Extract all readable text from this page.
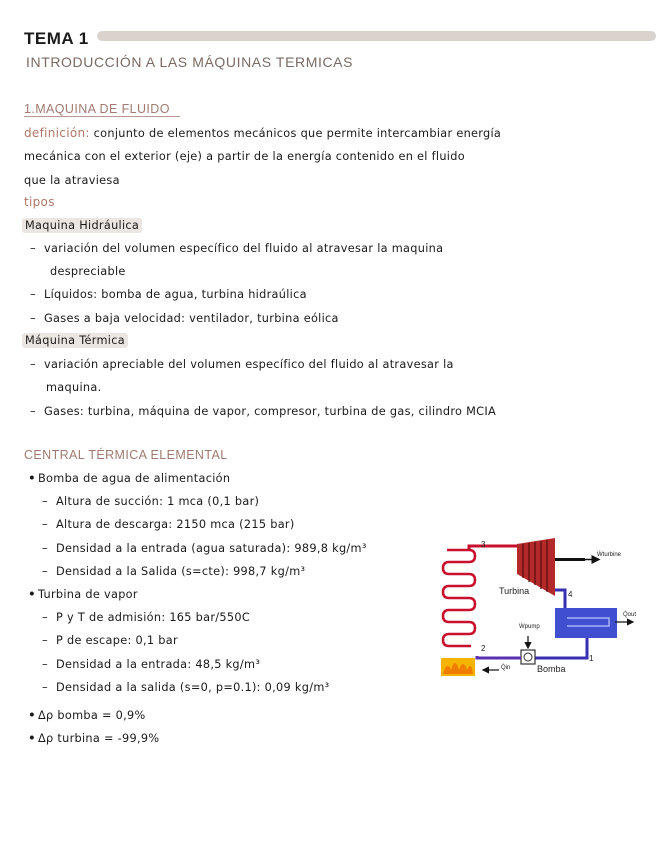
TEMA 1
INTRODUCCIÓN A LAS MÁQUINAS TERMICAS
1.MAQUINA DE FLUIDO
definición: conjunto de elementos mecánicos que permite intercambiar energía
mecánica con el exterior (eje) a partir de la energía contenido en el fluido
que la atraviesa
tipos
Maquina Hidráulica
– variación del volumen específico del fluido al atravesar la maquina
despreciable
– Líquidos: bomba de agua, turbina hidraúlica
– Gases a baja velocidad: ventilador, turbina eólica
Máquina Térmica
– variación apreciable del volumen específico del fluido al atravesar la
maquina.
– Gases: turbina, máquina de vapor, compresor, turbina de gas, cilindro MCIA
CENTRAL TÉRMICA ELEMENTAL
• Bomba de agua de alimentación
– Altura de succión: 1 mca (0,1 bar)
– Altura de descarga: 2150 mca (215 bar)
– Densidad a la entrada (agua saturada): 989,8 kg/m³
– Densidad a la Salida (s=cte): 998,7 kg/m³
• Turbina de vapor
– P y T de admisión: 165 bar/550C
– P de escape: 0,1 bar
– Densidad a la entrada: 48,5 kg/m³
– Densidad a la salida (s=0, p=0.1): 0,09 kg/m³
• Δρ bomba = 0,9%
• Δρ turbina = -99,9%
3
4
1
2
Turbina
Bomba
Ẇturbine
Ẇpump
Q̇out
Q̇in
